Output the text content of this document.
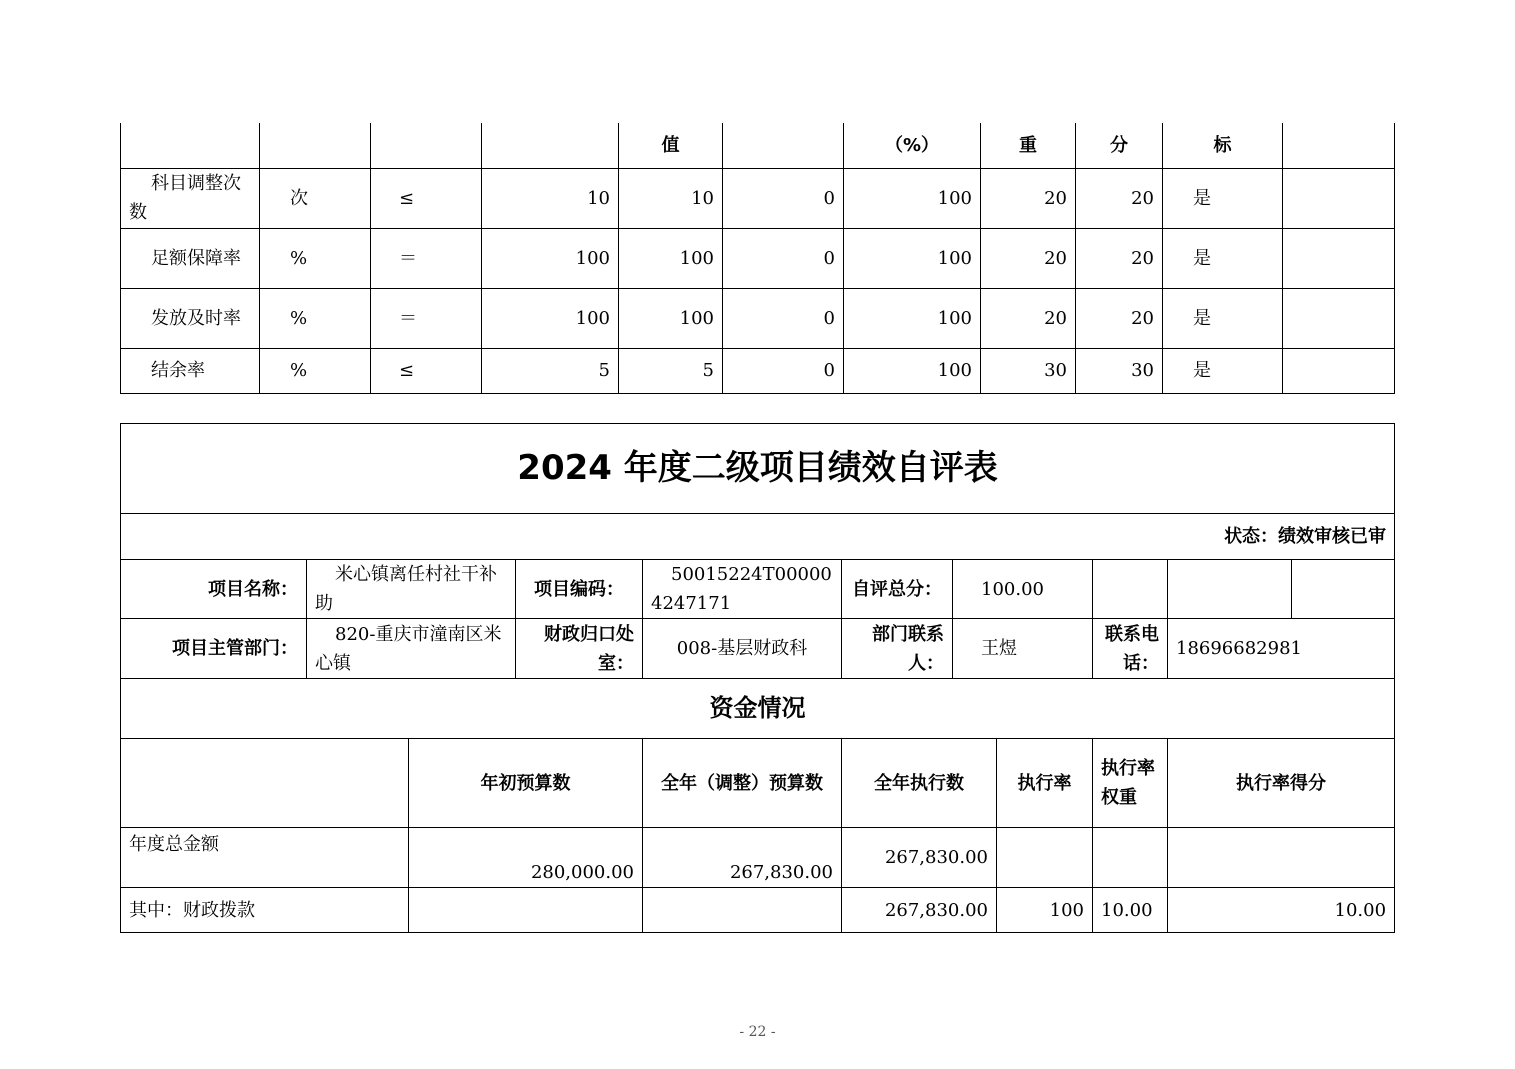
				值		（%）	重	分	标	
科目调整次数	次	≤	10	10	0	100	20	20	是	
足额保障率	%	＝	100	100	0	100	20	20	是	
发放及时率	%	＝	100	100	0	100	20	20	是	
结余率	%	≤	5	5	0	100	30	30	是	
2024 年度二级项目绩效自评表										
状态：绩效审核已审										
项目名称：	米心镇离任村社干补助		项目编码：	50015224T000004247171	自评总分：	100.00				
项目主管部门：	820-重庆市潼南区米心镇		财政归口处室：	008-基层财政科	部门联系人：	王煜		联系电话：	18696682981	
资金情况										
		年初预算数		全年（调整）预算数	全年执行数		执行率	执行率权重	执行率得分	
年度总金额		280,000.00		267,830.00	267,830.00					
其中：财政拨款					267,830.00		100	10.00	10.00	
- 22 -
